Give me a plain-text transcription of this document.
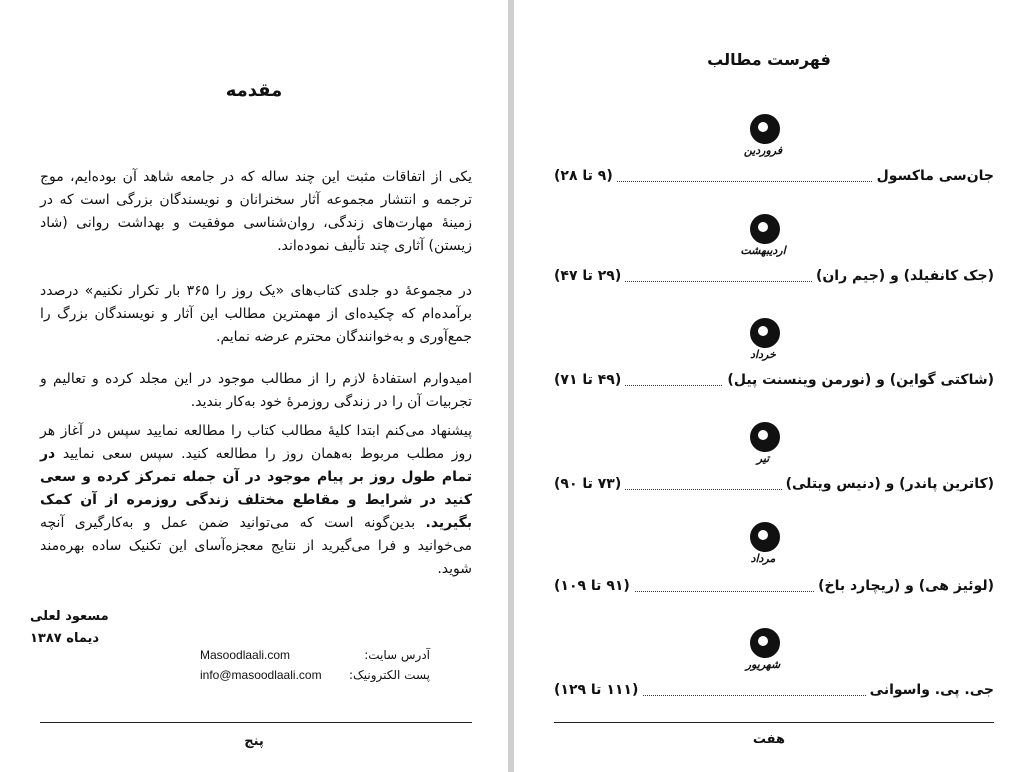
مقدمه
یکی از اتفاقات مثبت این چند ساله که در جامعه شاهد آن بوده‌ایم، موج ترجمه و انتشار مجموعه آثار سخنرانان و نویسندگان بزرگی است که در زمینهٔ مهارت‌های زندگی، روان‌شناسی موفقیت و بهداشت روانی (شاد زیستن) آثاری چند تألیف نموده‌اند.
در مجموعهٔ دو جلدی کتاب‌های «یک روز را ۳۶۵ بار تکرار نکنیم» درصدد برآمده‌ام که چکیده‌ای از مهمترین مطالب این آثار و نویسندگان بزرگ را جمع‌آوری و به‌خوانندگان محترم عرضه نمایم.
امیدوارم استفادهٔ لازم را از مطالب موجود در این مجلد کرده و تعالیم و تجربیات آن را در زندگی روزمرهٔ خود به‌کار بندید.
پیشنهاد می‌کنم ابتدا کلیهٔ مطالب کتاب را مطالعه نمایید سپس در آغاز هر روز مطلب مربوط به‌همان روز را مطالعه کنید. سپس سعی نمایید در تمام طول روز بر پیام موجود در آن جمله تمرکز کرده و سعی کنید در شرایط و مقاطع مختلف زندگی روزمره از آن کمک بگیرید. بدین‌گونه است که می‌توانید ضمن عمل و به‌کارگیری آنچه می‌خوانید و فرا می‌گیرید از نتایج معجزه‌آسای این تکنیک ساده بهره‌مند شوید.
مسعود لعلی
دیماه ۱۳۸۷
آدرس سایت:
Masoodlaali.com
پست الکترونیک:
info@masoodlaali.com
پنج
فهرست مطالب
فروردین
جان‌سی ماکسول
(۹ تا ۲۸)
اردیبهشت
(جک کانفیلد) و (جیم ران)
(۲۹ تا ۴۷)
خرداد
(شاکتی گواین) و (نورمن وینسنت پیل)
(۴۹ تا ۷۱)
تیر
(کاترین پاندر) و (دنیس ویتلی)
(۷۳ تا ۹۰)
مرداد
(لوئیز هی) و (ریچارد باخ)
(۹۱ تا ۱۰۹)
شهریور
جی. پی. واسوانی
(۱۱۱ تا ۱۲۹)
هفت
